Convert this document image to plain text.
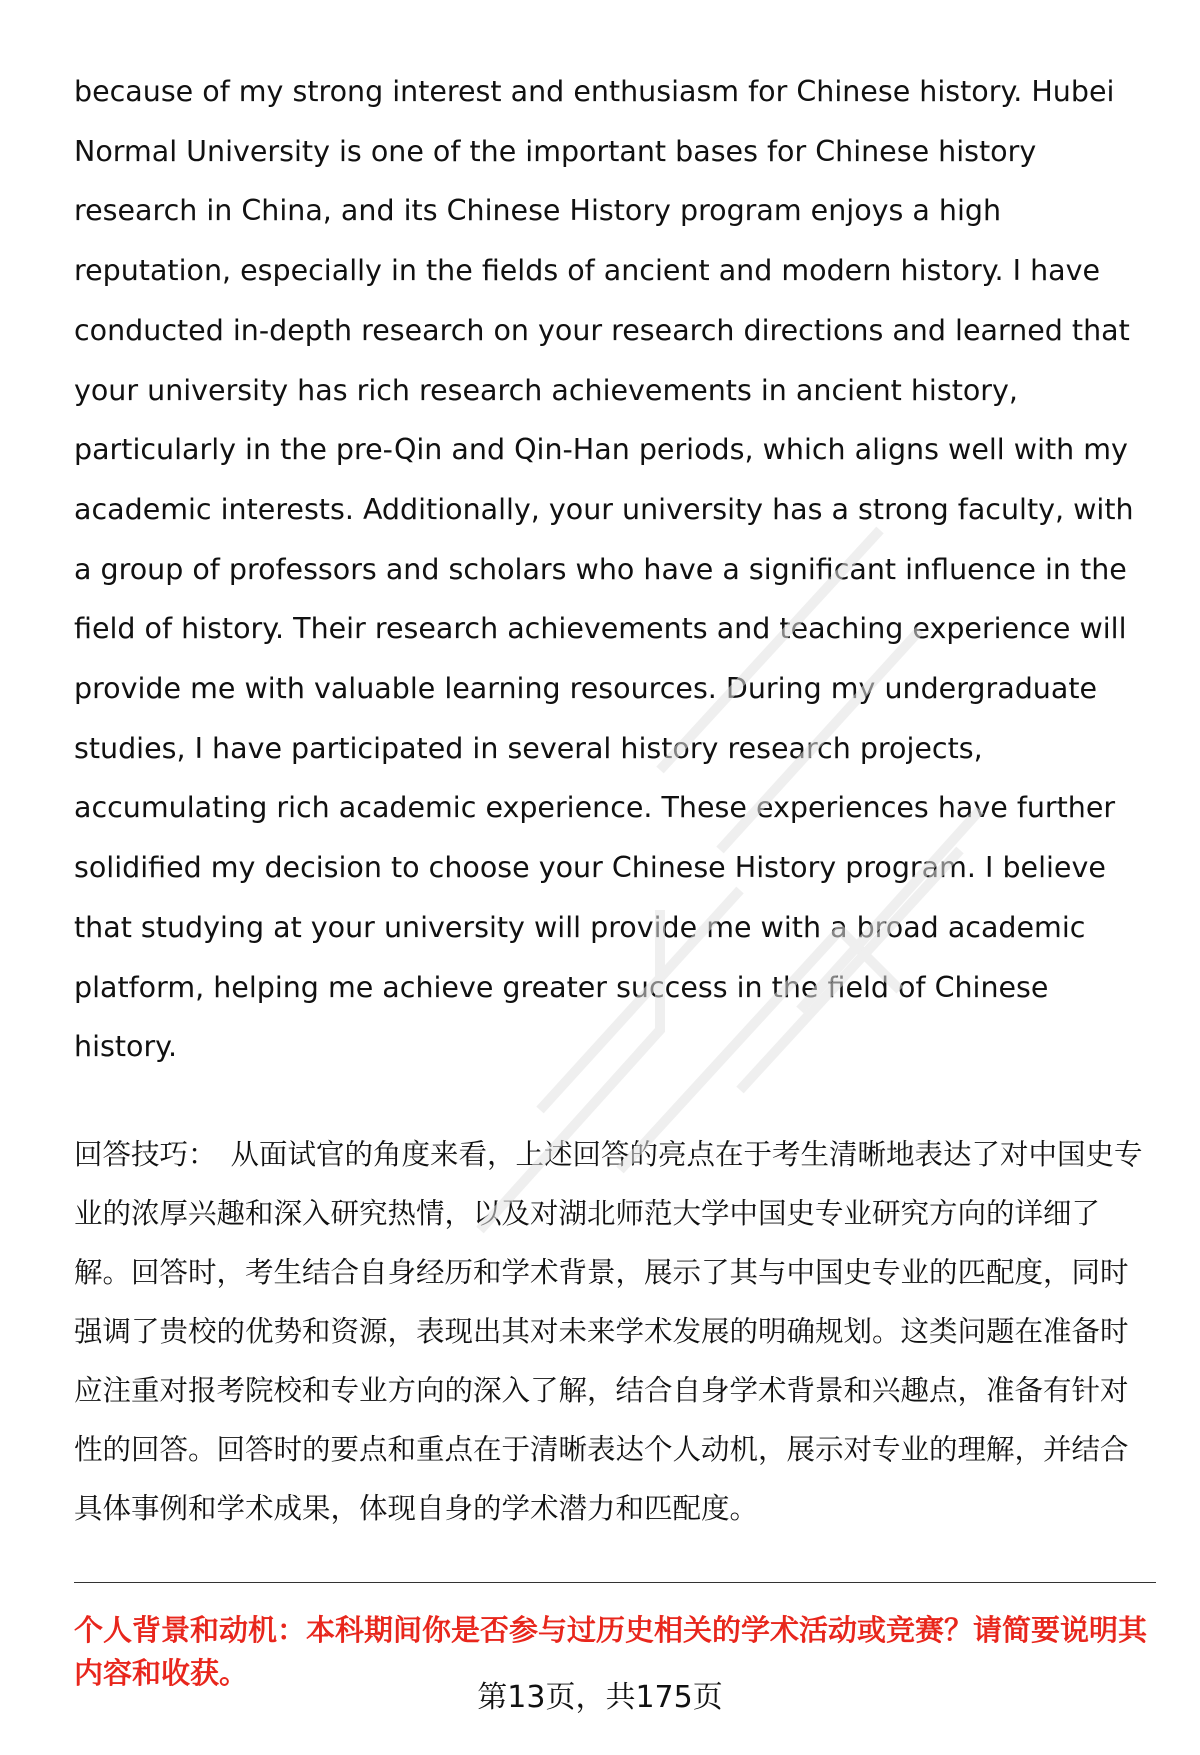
because of my strong interest and enthusiasm for Chinese history. Hubei Normal University is one of the important bases for Chinese history research in China, and its Chinese History program enjoys a high reputation, especially in the fields of ancient and modern history. I have conducted in-depth research on your research directions and learned that your university has rich research achievements in ancient history, particularly in the pre-Qin and Qin-Han periods, which aligns well with my academic interests. Additionally, your university has a strong faculty, with a group of professors and scholars who have a significant influence in the field of history. Their research achievements and teaching experience will provide me with valuable learning resources. During my undergraduate studies, I have participated in several history research projects, accumulating rich academic experience. These experiences have further solidified my decision to choose your Chinese History program. I believe that studying at your university will provide me with a broad academic platform, helping me achieve greater success in the field of Chinese history.

回答技巧： 从面试官的角度来看，上述回答的亮点在于考生清晰地表达了对中国史专业的浓厚兴趣和深入研究热情，以及对湖北师范大学中国史专业研究方向的详细了解。回答时，考生结合自身经历和学术背景，展示了其与中国史专业的匹配度，同时强调了贵校的优势和资源，表现出其对未来学术发展的明确规划。这类问题在准备时应注重对报考院校和专业方向的深入了解，结合自身学术背景和兴趣点，准备有针对性的回答。回答时的要点和重点在于清晰表达个人动机，展示对专业的理解，并结合具体事例和学术成果，体现自身的学术潜力和匹配度。
个人背景和动机：本科期间你是否参与过历史相关的学术活动或竞赛？请简要说明其内容和收获。
第13页，共175页
